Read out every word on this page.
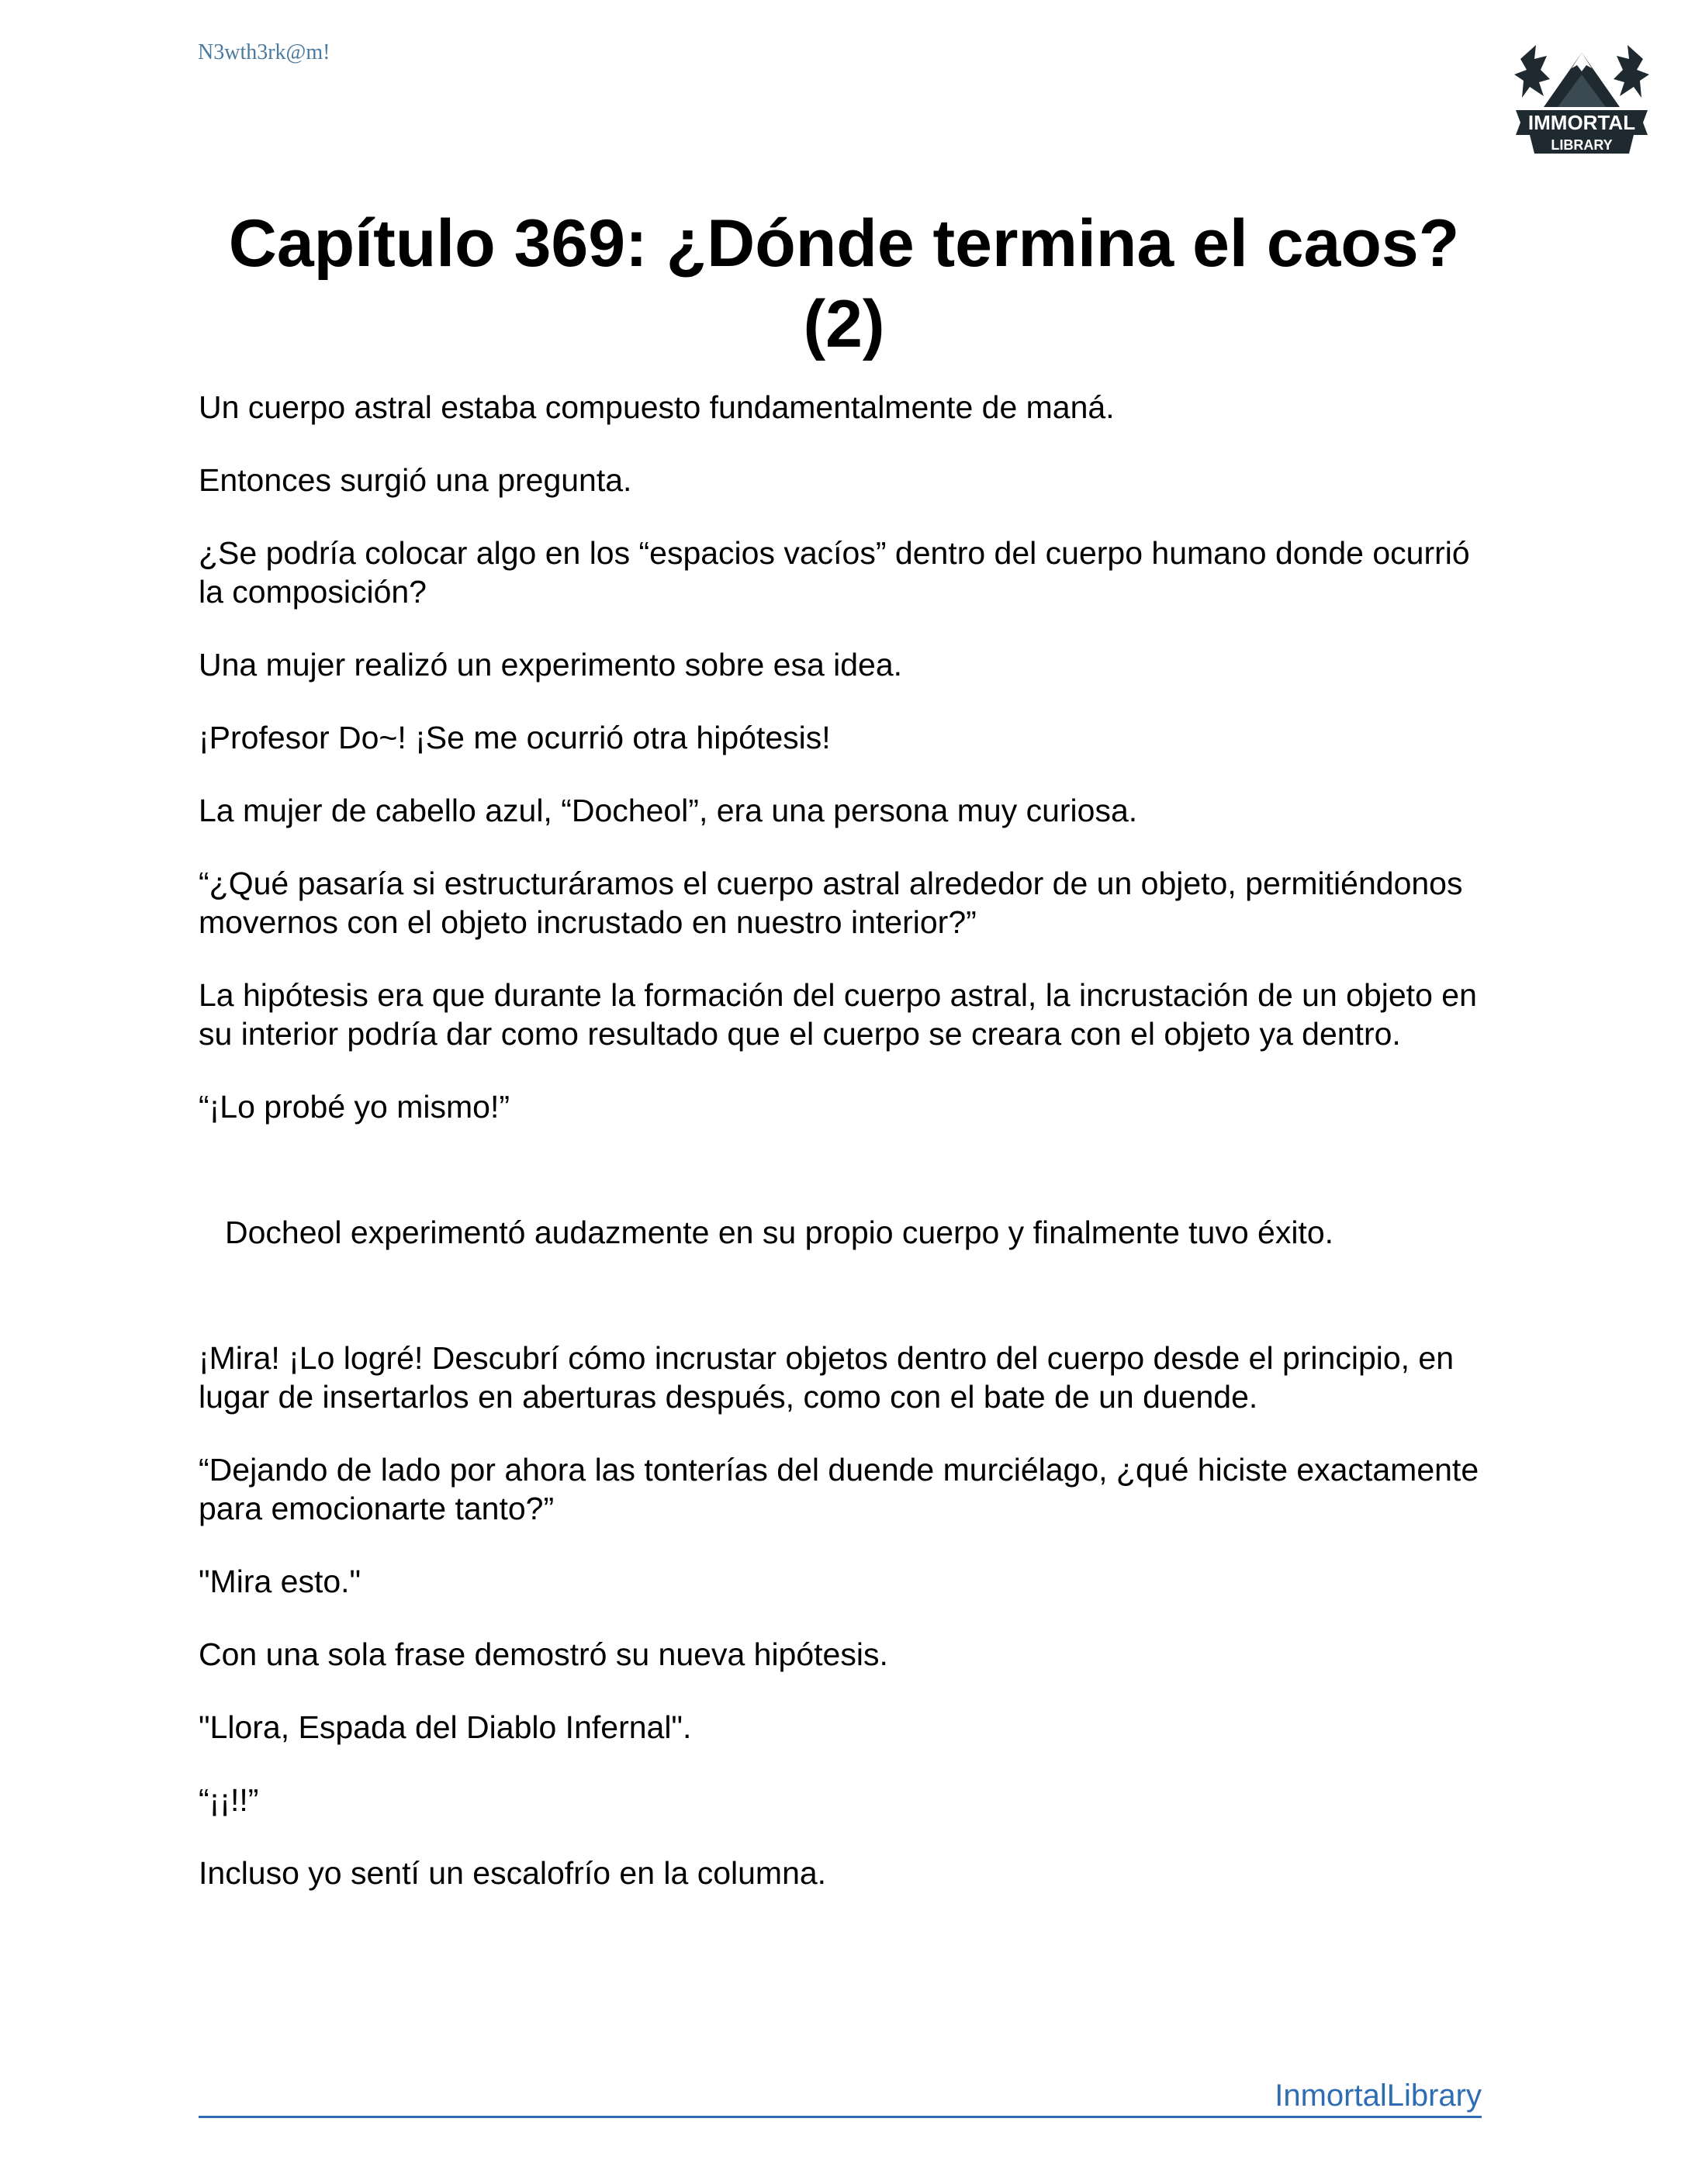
N3wth3rk@m!
IMMORTAL
LIBRARY
Capítulo 369: ¿Dónde termina el caos?
(2)

Un cuerpo astral estaba compuesto fundamentalmente de maná.

Entonces surgió una pregunta.

¿Se podría colocar algo en los “espacios vacíos” dentro del cuerpo humano donde ocurrió la composición?

Una mujer realizó un experimento sobre esa idea.

¡Profesor Do~! ¡Se me ocurrió otra hipótesis!

La mujer de cabello azul, “Docheol”, era una persona muy curiosa.

“¿Qué pasaría si estructuráramos el cuerpo astral alrededor de un objeto, permitiéndonos movernos con el objeto incrustado en nuestro interior?”

La hipótesis era que durante la formación del cuerpo astral, la incrustación de un objeto en su interior podría dar como resultado que el cuerpo se creara con el objeto ya dentro.

“¡Lo probé yo mismo!”

Docheol experimentó audazmente en su propio cuerpo y finalmente tuvo éxito.

¡Mira! ¡Lo logré! Descubrí cómo incrustar objetos dentro del cuerpo desde el principio, en lugar de insertarlos en aberturas después, como con el bate de un duende.

“Dejando de lado por ahora las tonterías del duende murciélago, ¿qué hiciste exactamente para emocionarte tanto?”

"Mira esto."

Con una sola frase demostró su nueva hipótesis.

"Llora, Espada del Diablo Infernal".

“¡¡!!”

Incluso yo sentí un escalofrío en la columna.

InmortalLibrary
